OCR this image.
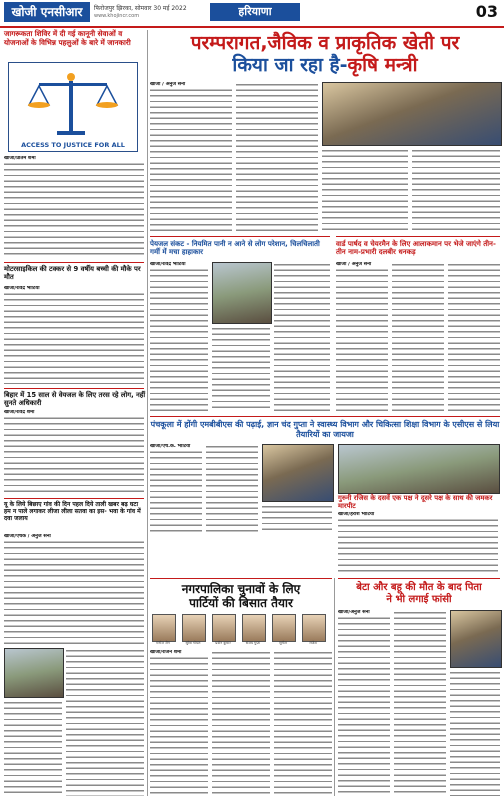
खोजी एनसीआर	फिरोजपुर झिरका, सोमवार 30 मई 2022
www.khojincr.com	हरियाणा	03
जागरूकता शिविर में दी गई कानूनी सेवाओं व योजनाओं के विभिन्न पहलुओं के बारे में जानकारी
ACCESS TO JUSTICE FOR ALL
खोजी/प्रीतम शर्मा
परम्परागत,जैविक व प्राकृतिक खेती पर
किया जा रहा है-कृषि मन्त्री
खोजी / अनुज सैनी
मोटरसाइकिल की टक्कर से 9 वर्षीय बच्ची की मौके पर मौत
खोजी/रविंद्र भाटिया
पेयजल संकट - नियमित पानी न आने से लोग परेशान, चिलचिलाती गर्मी में मचा हाहाकार
खोजी/रविंद्र भाटिया
वार्ड पार्षद व चेयरमैन के लिए आलाकमान पर भेजे जाएंगे तीन-तीन नाम-प्रभारी दलबीर धनकड़
खोजी / अनुज सैनी
बिहार में 15 साल से वेयजल के लिए तरस रहे लोग, नहीं सुनते अधिकारी
खोजी/रविंद्र शर्मा
पंचकूला में होंगी एमबीबीएस की पढ़ाई, ज्ञान चंद गुप्ता ने स्वास्थ्य विभाग और चिकित्सा शिक्षा विभाग के एसीएस से लिया तैयारियों का जायजा
खोजी/एच.के. भाटिया
गुरुनी रजिस के दसवें एक पक्ष ने दूसरे पक्ष के साथ की जमकर मारपीट
खोजी/हरीश भाटिया
यू के लिये बिछाए गांव की दिन पहल दिये ताली खबर बढ़ घटा हम न पाले लगाकर लीजा लीला सतवा का इस- भवा के गांव में दवा जलाय
खोजी/एचके / अनुज सैनी
नगरपालिका चुनावों के लिए
पार्टियों की बिसात तैयार
मनोज जैन	सुरेश गोयल	प्रवीन कुमार	संजय गुप्ता	सुनील	राजेश
खोजी/राजन शर्मा
बेटा और बहू की मौत के बाद पिता
ने भी लगाई फांसी
खोजी/अनुज सैनी
